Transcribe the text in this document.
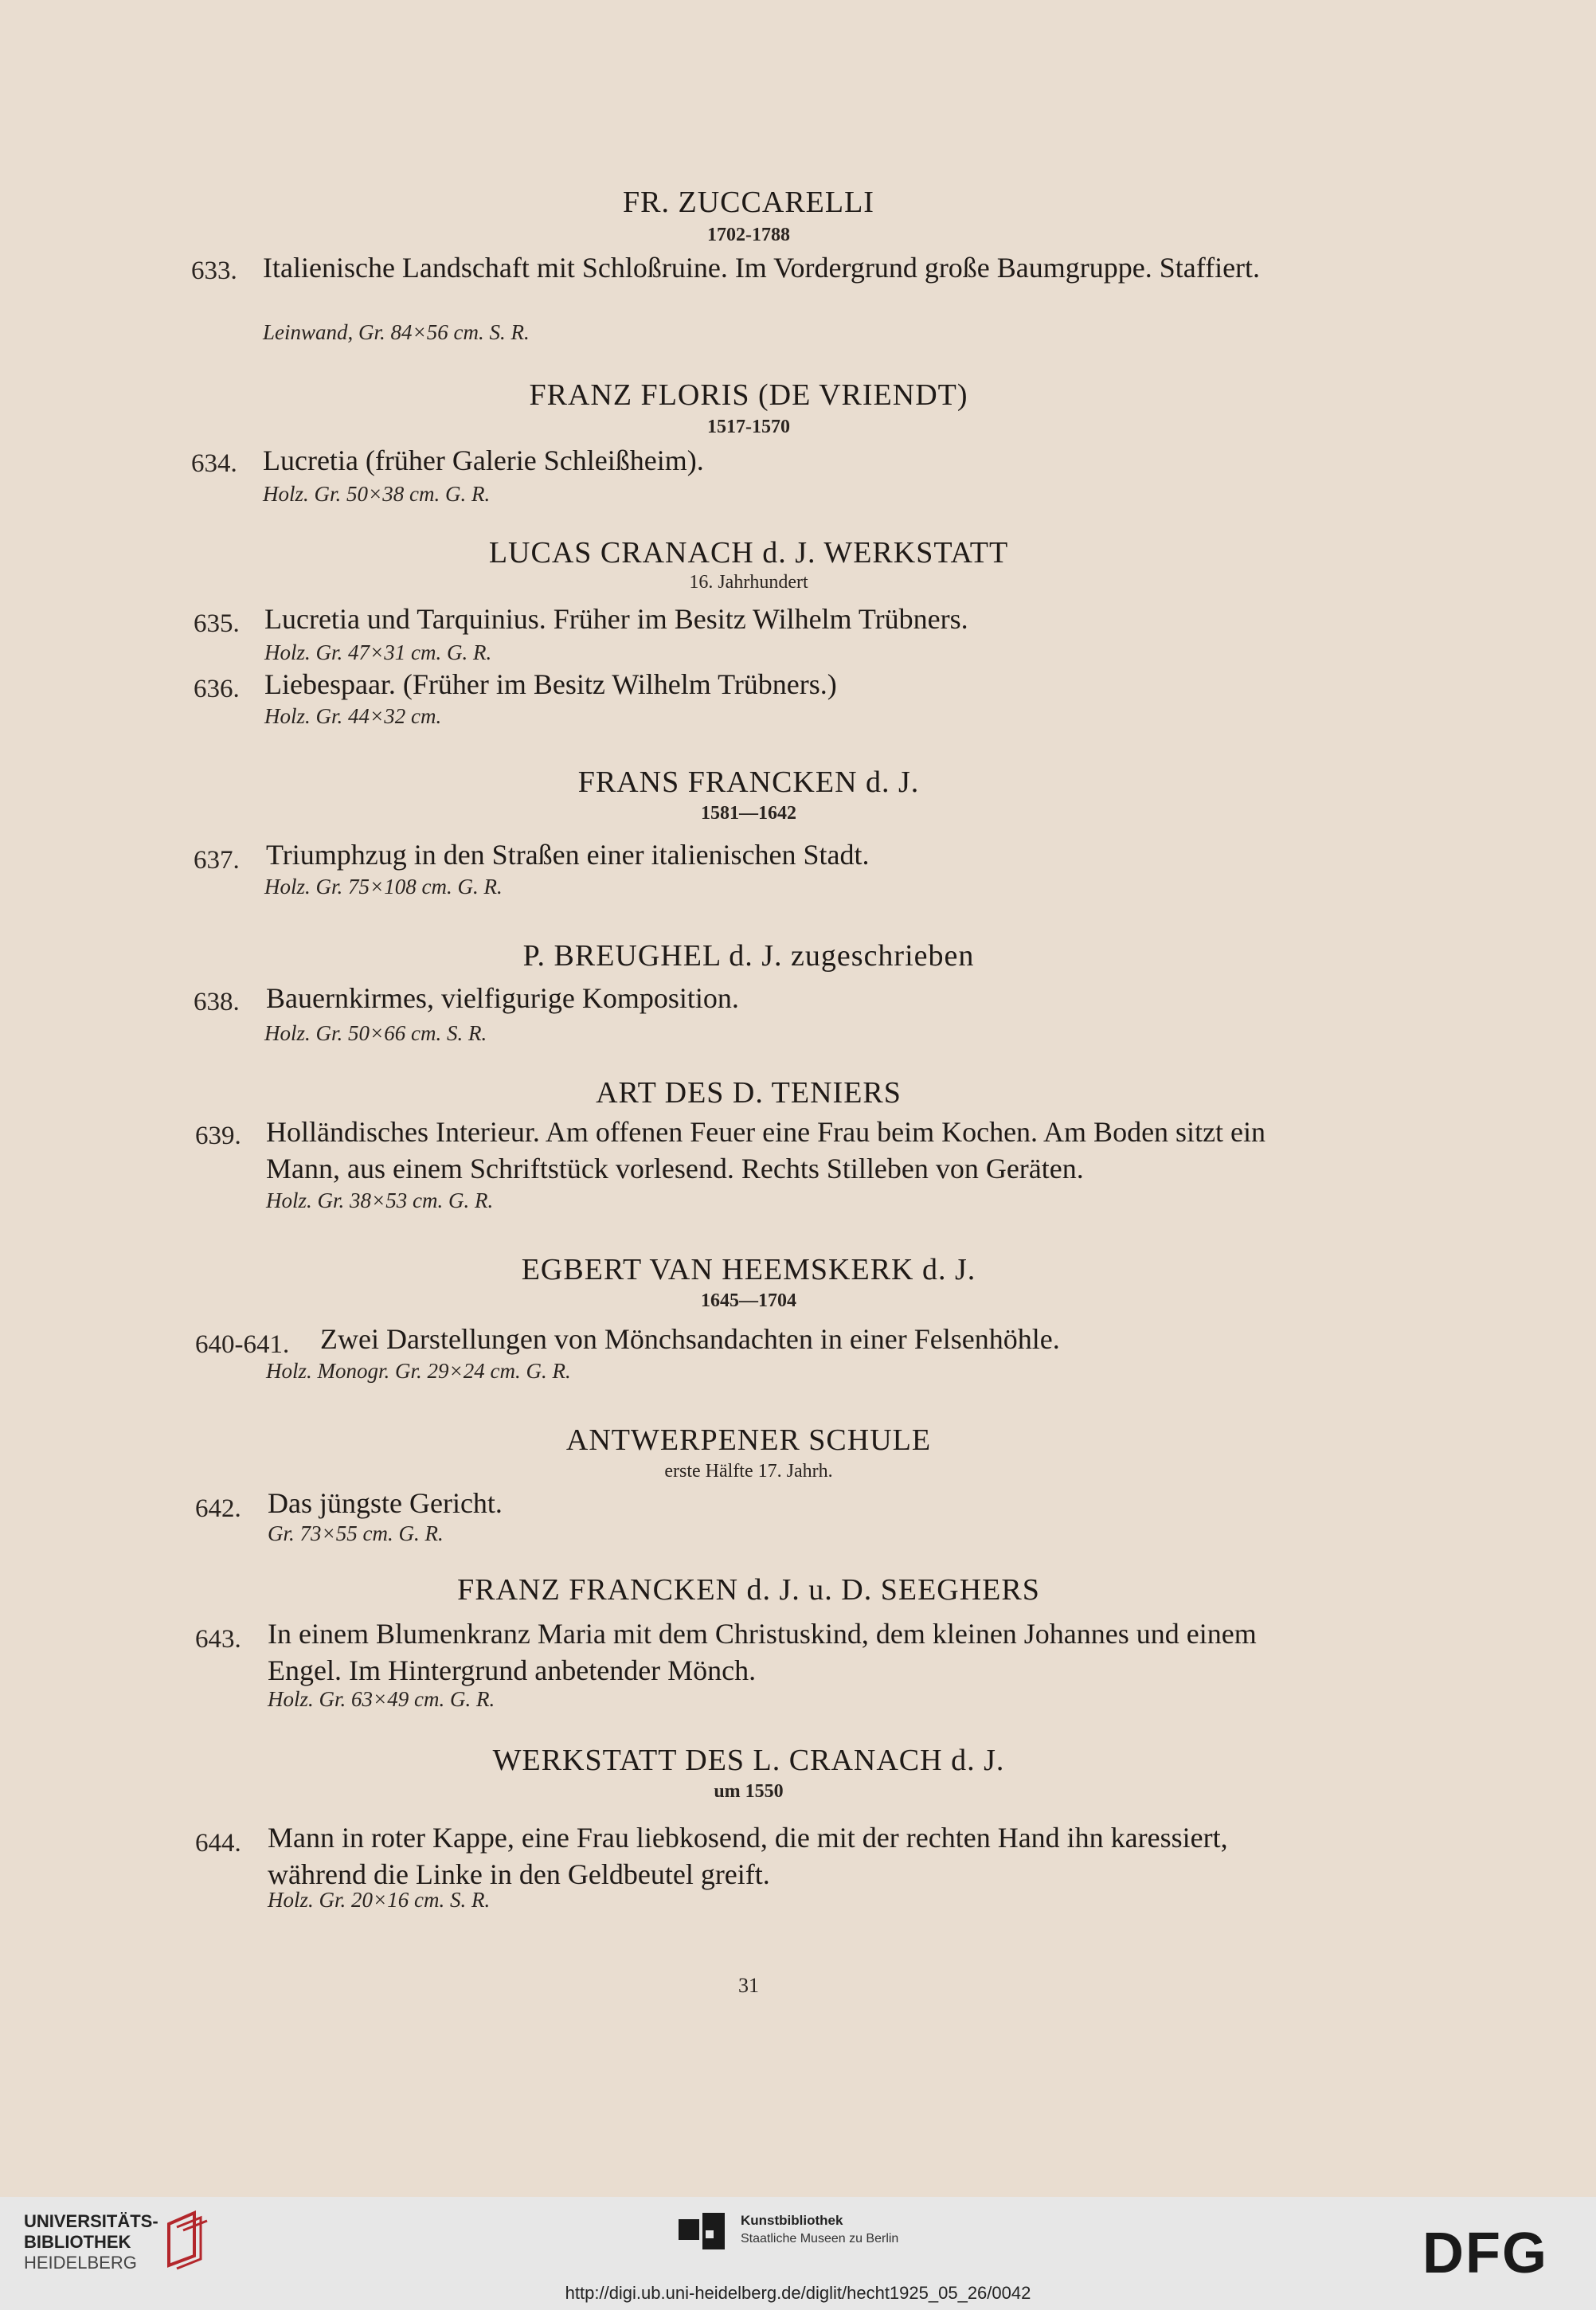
FR. ZUCCARELLI
1702-1788
633. Italienische Landschaft mit Schloßruine. Im Vordergrund große Baumgruppe. Staffiert.
Leinwand, Gr. 84×56 cm. S. R.
FRANZ FLORIS (DE VRIENDT)
1517-1570
634. Lucretia (früher Galerie Schleißheim).
Holz. Gr. 50×38 cm. G. R.
LUCAS CRANACH d. J. WERKSTATT
16. Jahrhundert
635. Lucretia und Tarquinius. Früher im Besitz Wilhelm Trübners.
Holz. Gr. 47×31 cm. G. R.
636. Liebespaar. (Früher im Besitz Wilhelm Trübners.)
Holz. Gr. 44×32 cm.
FRANS FRANCKEN d. J.
1581—1642
637. Triumphzug in den Straßen einer italienischen Stadt.
Holz. Gr. 75×108 cm. G. R.
P. BREUGHEL d. J. zugeschrieben
638. Bauernkirmes, vielfigurige Komposition.
Holz. Gr. 50×66 cm. S. R.
ART DES D. TENIERS
639. Holländisches Interieur. Am offenen Feuer eine Frau beim Kochen. Am Boden sitzt ein Mann, aus einem Schriftstück vorlesend. Rechts Stilleben von Geräten.
Holz. Gr. 38×53 cm. G. R.
EGBERT VAN HEEMSKERK d. J.
1645—1704
640-641. Zwei Darstellungen von Mönchsandachten in einer Felsenhöhle.
Holz. Monogr. Gr. 29×24 cm. G. R.
ANTWERPENER SCHULE
erste Hälfte 17. Jahrh.
642. Das jüngste Gericht.
Gr. 73×55 cm. G. R.
FRANZ FRANCKEN d. J. u. D. SEEGHERS
643. In einem Blumenkranz Maria mit dem Christuskind, dem kleinen Johannes und einem Engel. Im Hintergrund anbetender Mönch.
Holz. Gr. 63×49 cm. G. R.
WERKSTATT DES L. CRANACH d. J.
um 1550
644. Mann in roter Kappe, eine Frau liebkosend, die mit der rechten Hand ihn karessiert, während die Linke in den Geldbeutel greift.
Holz. Gr. 20×16 cm. S. R.
31
UNIVERSITÄTS-
BIBLIOTHEK
HEIDELBERG
Kunstbibliothek
Staatliche Museen zu Berlin	DFG
http://digi.ub.uni-heidelberg.de/diglit/hecht1925_05_26/0042
